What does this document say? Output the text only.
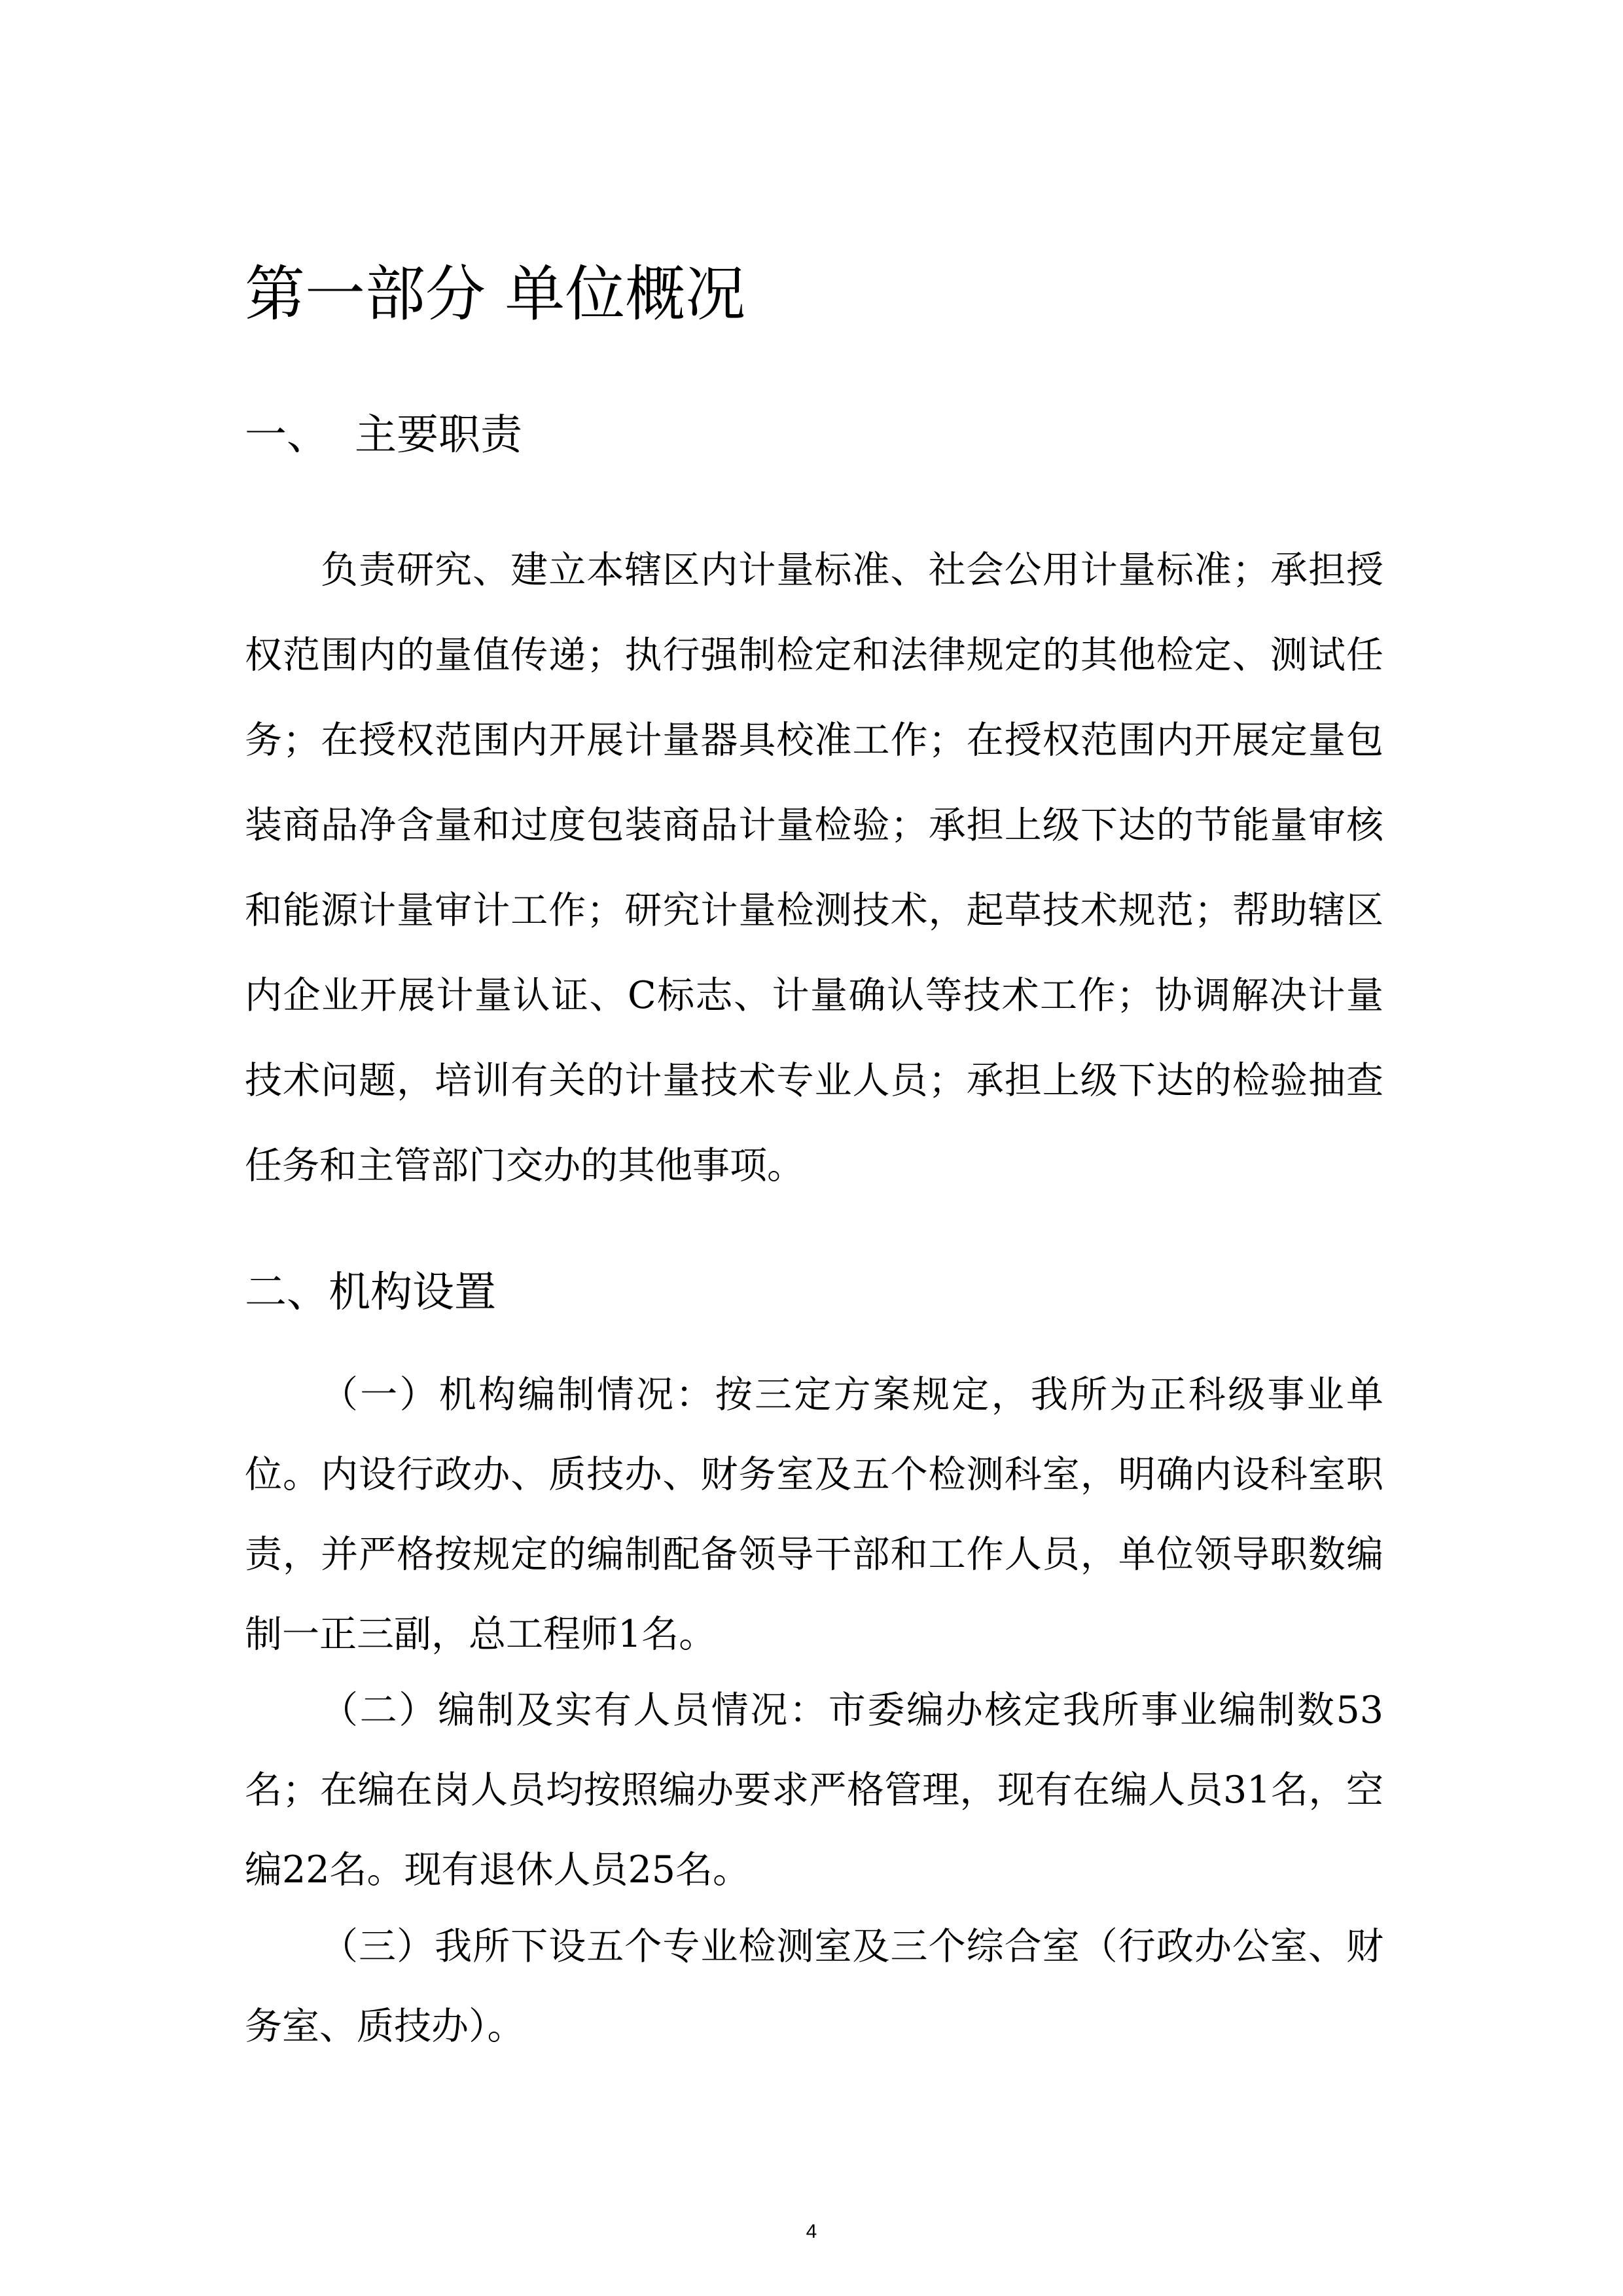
第一部分 单位概况
一、 主要职责

负责研究、建立本辖区内计量标准、社会公用计量标准；承担授权范围内的量值传递；执行强制检定和法律规定的其他检定、测试任务；在授权范围内开展计量器具校准工作；在授权范围内开展定量包装商品净含量和过度包装商品计量检验；承担上级下达的节能量审核和能源计量审计工作；研究计量检测技术，起草技术规范；帮助辖区内企业开展计量认证、C标志、计量确认等技术工作；协调解决计量技术问题，培训有关的计量技术专业人员；承担上级下达的检验抽查任务和主管部门交办的其他事项。

二、机构设置

（一）机构编制情况：按三定方案规定，我所为正科级事业单位。内设行政办、质技办、财务室及五个检测科室，明确内设科室职责，并严格按规定的编制配备领导干部和工作人员，单位领导职数编制一正三副，总工程师1名。

（二）编制及实有人员情况：市委编办核定我所事业编制数53名；在编在岗人员均按照编办要求严格管理，现有在编人员31名，空编22名。现有退休人员25名。

（三）我所下设五个专业检测室及三个综合室（行政办公室、财务室、质技办）。

4
